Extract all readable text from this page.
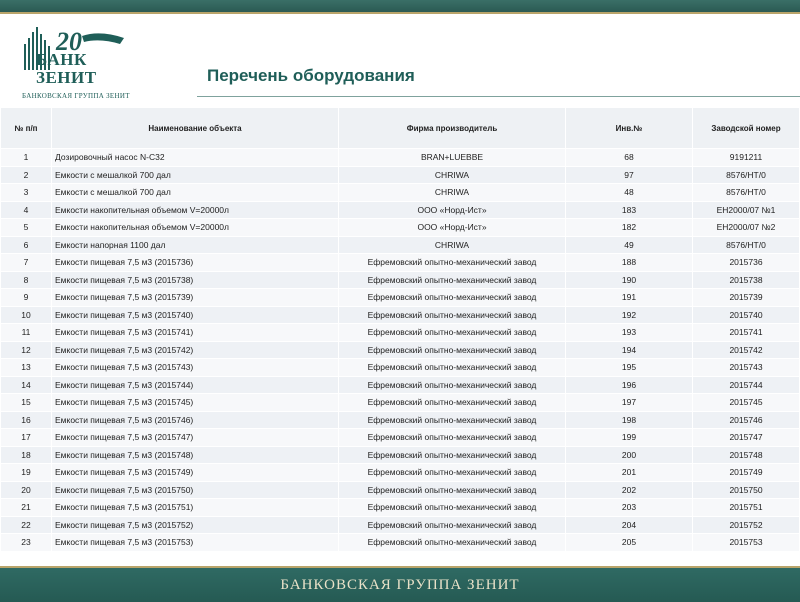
20
БАНК
ЗЕНИТ
БАНКОВСКАЯ ГРУППА ЗЕНИТ
Перечень оборудования
№ п/п	Наименование объекта	Фирма производитель	Инв.№	Заводской номер
1	Дозировочный насос N-C32	BRAN+LUEBBE	68	9191211
2	Емкости с мешалкой 700 дал	CHRIWA	97	8576/НТ/0
3	Емкости с мешалкой 700 дал	CHRIWA	48	8576/НТ/0
4	Емкости накопительная объемом V=20000л	ООО «Норд-Ист»	183	ЕН2000/07 №1
5	Емкости накопительная объемом V=20000л	ООО «Норд-Ист»	182	ЕН2000/07 №2
6	Емкости напорная 1100 дал	CHRIWA	49	8576/НТ/0
7	Емкости пищевая 7,5 м3 (2015736)	Ефремовский опытно-механический завод	188	2015736
8	Емкости пищевая 7,5 м3 (2015738)	Ефремовский опытно-механический завод	190	2015738
9	Емкости пищевая 7,5 м3 (2015739)	Ефремовский опытно-механический завод	191	2015739
10	Емкости пищевая 7,5 м3 (2015740)	Ефремовский опытно-механический завод	192	2015740
11	Емкости пищевая 7,5 м3 (2015741)	Ефремовский опытно-механический завод	193	2015741
12	Емкости пищевая 7,5 м3 (2015742)	Ефремовский опытно-механический завод	194	2015742
13	Емкости пищевая 7,5 м3 (2015743)	Ефремовский опытно-механический завод	195	2015743
14	Емкости пищевая 7,5 м3 (2015744)	Ефремовский опытно-механический завод	196	2015744
15	Емкости пищевая 7,5 м3 (2015745)	Ефремовский опытно-механический завод	197	2015745
16	Емкости пищевая 7,5 м3 (2015746)	Ефремовский опытно-механический завод	198	2015746
17	Емкости пищевая 7,5 м3 (2015747)	Ефремовский опытно-механический завод	199	2015747
18	Емкости пищевая 7,5 м3 (2015748)	Ефремовский опытно-механический завод	200	2015748
19	Емкости пищевая 7,5 м3 (2015749)	Ефремовский опытно-механический завод	201	2015749
20	Емкости пищевая 7,5 м3 (2015750)	Ефремовский опытно-механический завод	202	2015750
21	Емкости пищевая 7,5 м3 (2015751)	Ефремовский опытно-механический завод	203	2015751
22	Емкости пищевая 7,5 м3 (2015752)	Ефремовский опытно-механический завод	204	2015752
23	Емкости пищевая 7,5 м3 (2015753)	Ефремовский опытно-механический завод	205	2015753
БАНКОВСКАЯ ГРУППА ЗЕНИТ
